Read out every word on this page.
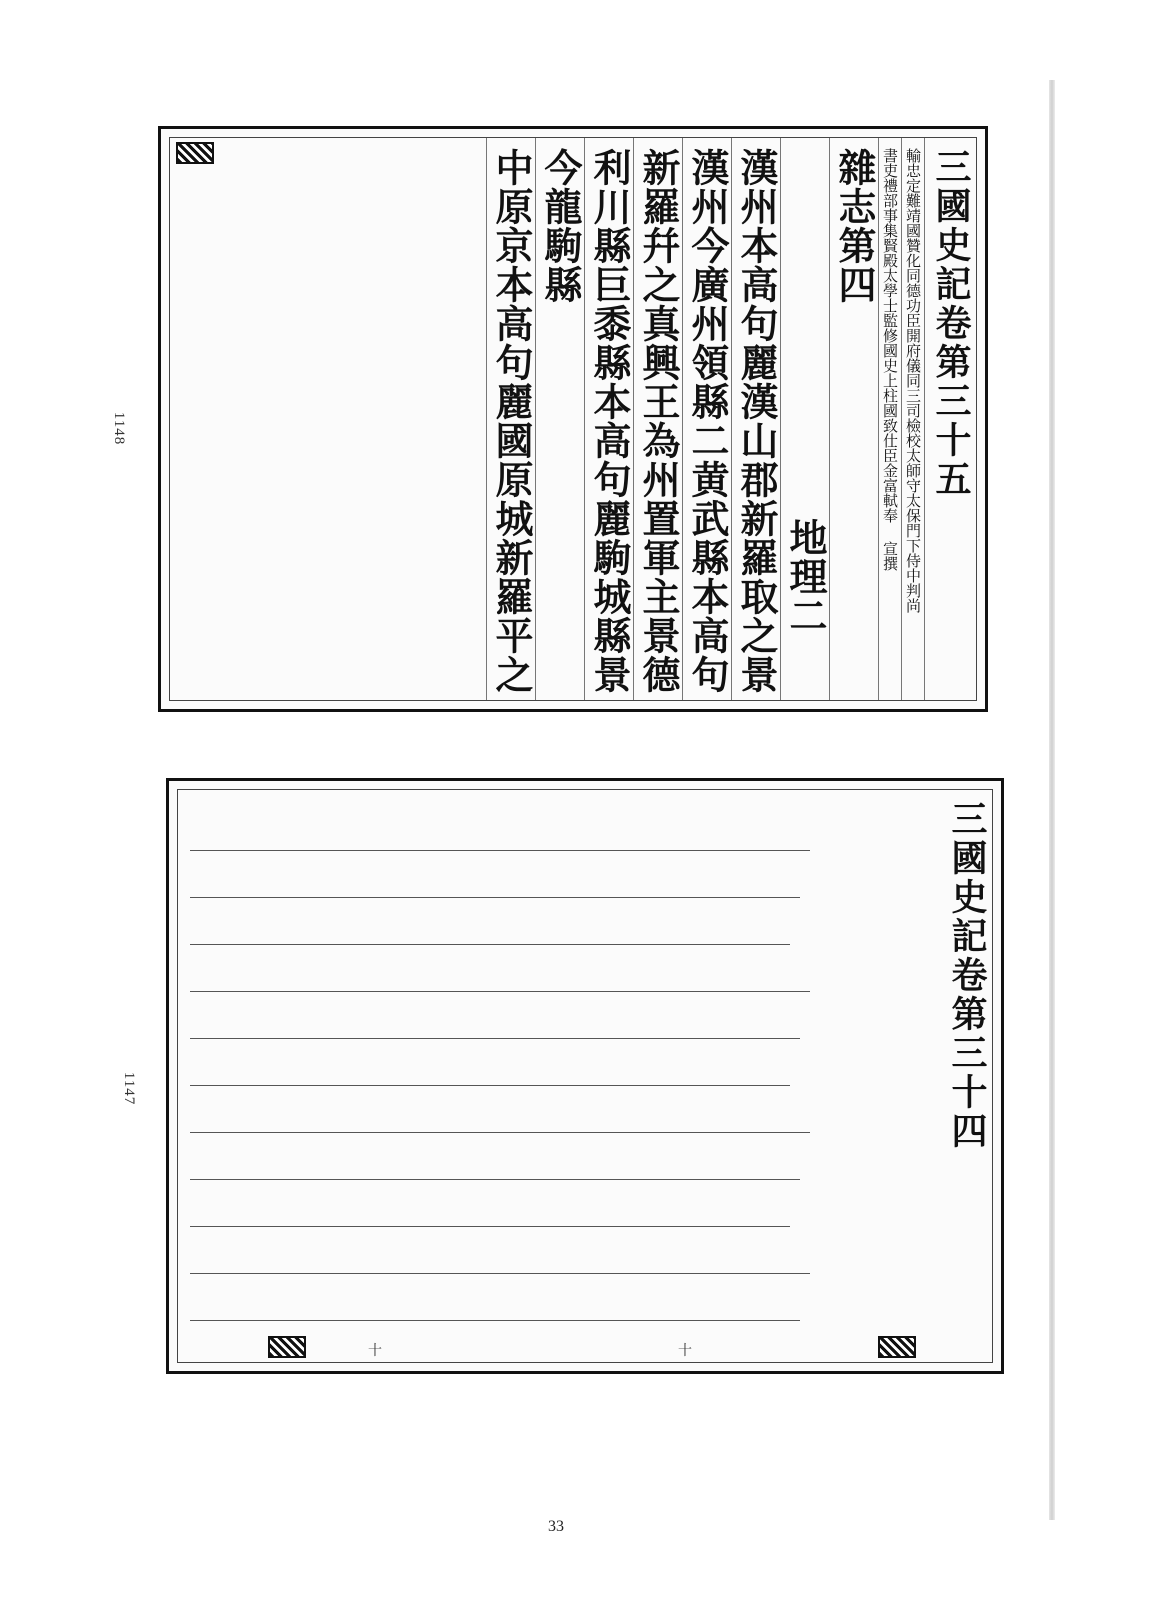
1148
1147
三國史記卷第三十五
輸忠定難靖國贊化同德功臣開府儀同三司檢校太師守太保門下侍中判尚
書吏禮部事集賢殿太學士監修國史上柱國致仕臣金富軾奉 宣撰
雜志第四
地理二
漢州本高句麗漢山郡新羅取之景
漢州今廣州領縣二黄武縣本高句
新羅幷之真興王為州置軍主景德
利川縣巨黍縣本高句麗駒城縣景
今龍駒縣
中原京本高句麗國原城新羅平之
三國史記卷第三十四
十	十
33
